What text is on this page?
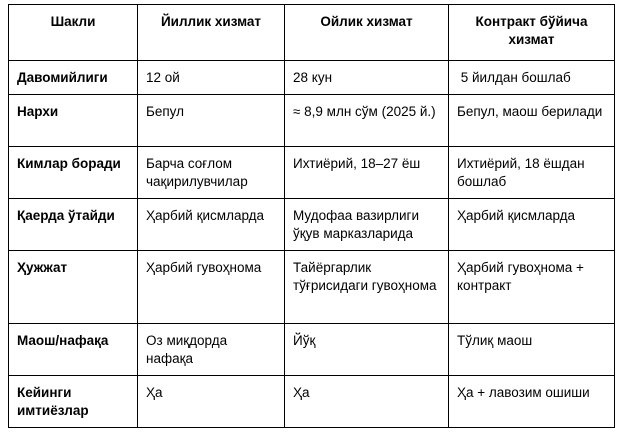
Шакли	Йиллик хизмат	Ойлик хизмат	Контракт бўйича хизмат
Давомийлиги	12 ой	28 кун	5 йилдан бошлаб
Нархи	Бепул	≈ 8,9 млн сўм (2025 й.)	Бепул, маош берилади
Кимлар боради	Барча соғлом чақирилувчилар	Ихтиёрий, 18–27 ёш	Ихтиёрий, 18 ёшдан бошлаб
Қаерда ўтайди	Ҳарбий қисмларда	Мудофаа вазирлиги ўқув марказларида	Ҳарбий қисмларда
Ҳужжат	Ҳарбий гувоҳнома	Тайёргарлик тўғрисидаги гувоҳнома	Ҳарбий гувоҳнома + контракт
Маош/нафақа	Оз миқдорда нафақа	Йўқ	Тўлиқ маош
Кейинги имтиёзлар	Ҳа	Ҳа	Ҳа + лавозим ошиши
